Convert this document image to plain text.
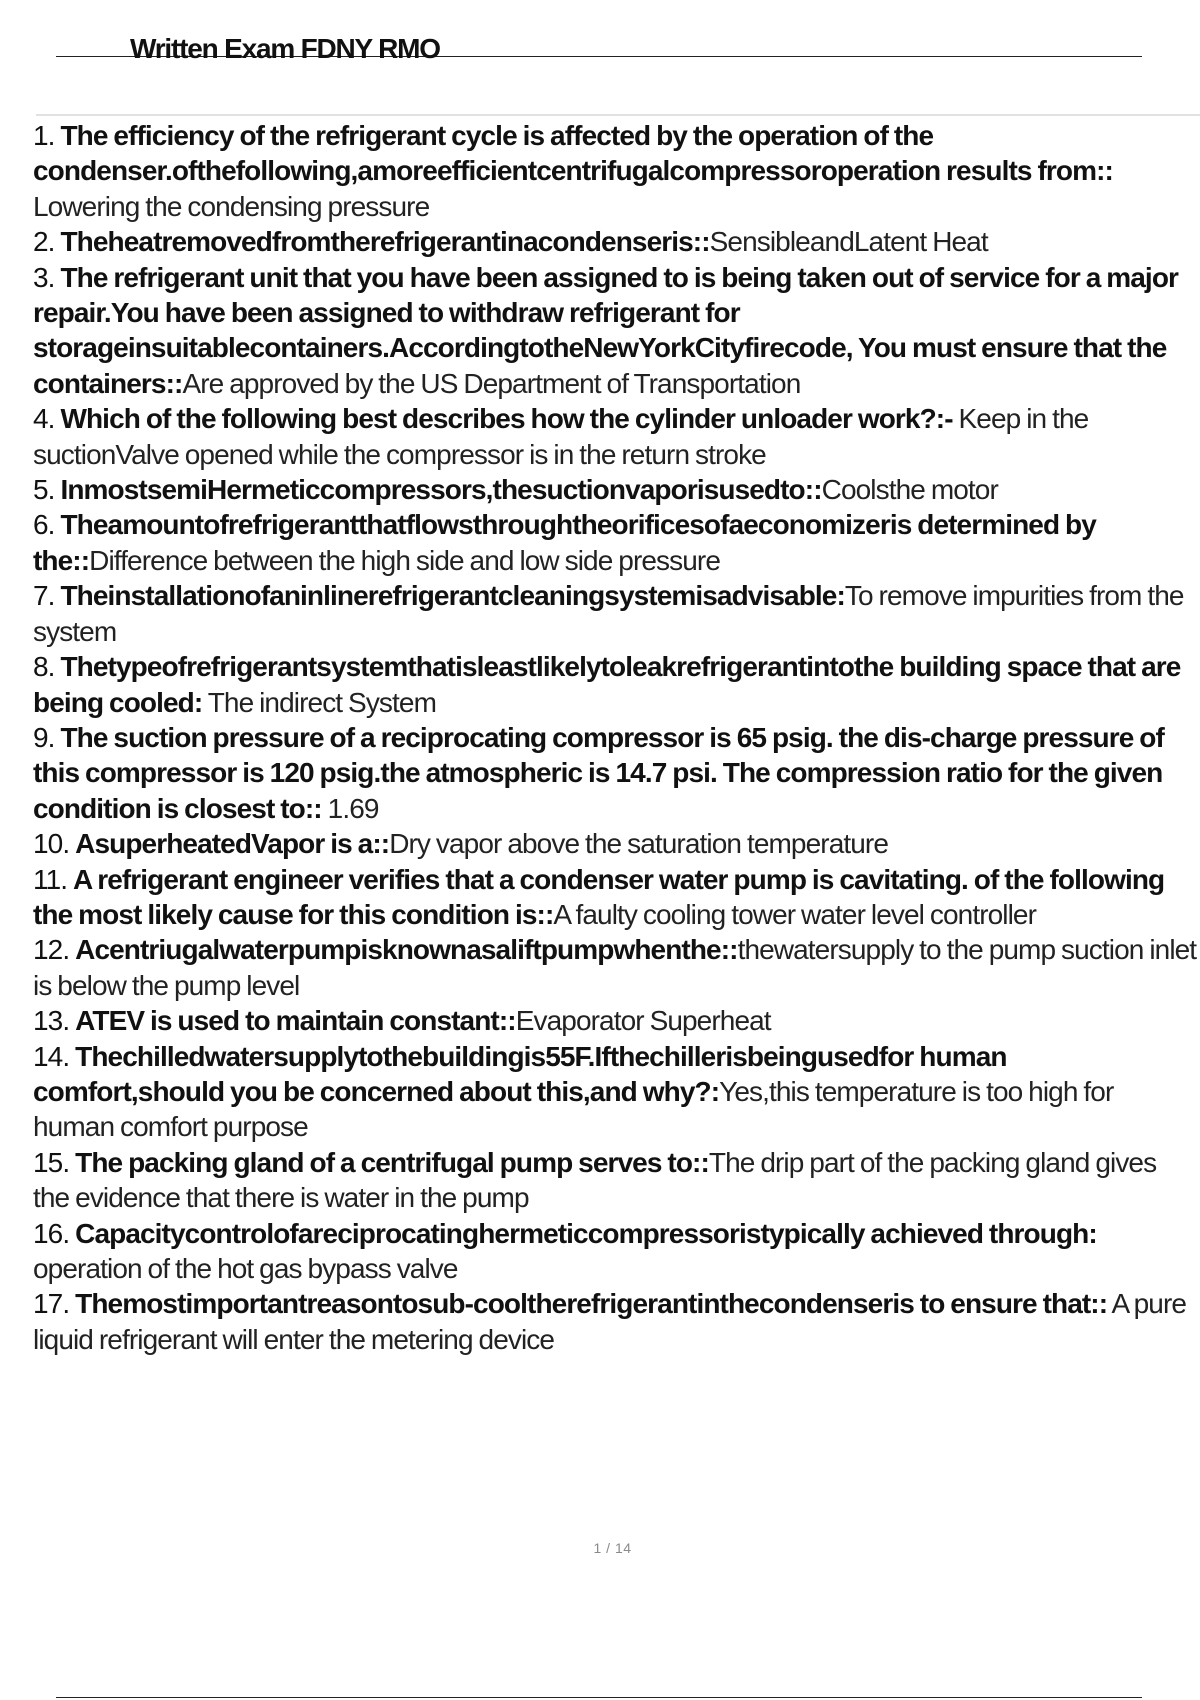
Written Exam FDNY RMO
1. The efficiency of the refrigerant cycle is affected by the operation of the condenser.ofthefollowing,amoreefficientcentrifugalcompressoroperation results from:: Lowering the condensing pressure
2. Theheatremovedfromtherefrigerantinacondenseris::SensibleandLatent Heat
3. The refrigerant unit that you have been assigned to is being taken out of service for a major repair.You have been assigned to withdraw refrigerant for storageinsuitablecontainers.AccordingtotheNewYorkCityfirecode, You must ensure that the containers::Are approved by the US Department of Transportation
4. Which of the following best describes how the cylinder unloader work?:- Keep in the suctionValve opened while the compressor is in the return stroke
5. InmostsemiHermeticcompressors,thesuctionvaporisusedto::Coolsthe motor
6. Theamountofrefrigerantthatflowsthroughtheorificesofaeconomizeris determined by the::Difference between the high side and low side pressure
7. Theinstallationofaninlinerefrigerantcleaningsystemisadvisable:To remove impurities from the system
8. Thetypeofrefrigerantsystemthatisleastlikelytoleakrefrigerantintothe building space that are being cooled: The indirect System
9. The suction pressure of a reciprocating compressor is 65 psig. the dis-charge pressure of this compressor is 120 psig.the atmospheric is 14.7 psi. The compression ratio for the given condition is closest to:: 1.69
10. AsuperheatedVapor is a::Dry vapor above the saturation temperature
11. A refrigerant engineer verifies that a condenser water pump is cavitating. of the following the most likely cause for this condition is::A faulty cooling tower water level controller
12. Acentriugalwaterpumpisknownasaliftpumpwhenthe::thewatersupply to the pump suction inlet is below the pump level
13. ATEV is used to maintain constant::Evaporator Superheat
14. Thechilledwatersupplytothebuildingis55F.Ifthechillerisbeingusedfor human comfort,should you be concerned about this,and why?:Yes,this temperature is too high for human comfort purpose
15. The packing gland of a centrifugal pump serves to::The drip part of the packing gland gives the evidence that there is water in the pump
16. Capacitycontrolofareciprocatinghermeticcompressoristypically achieved through: operation of the hot gas bypass valve
17. Themostimportantreasontosub-cooltherefrigerantinthecondenseris to ensure that:: A pure liquid refrigerant will enter the metering device
1 / 14
